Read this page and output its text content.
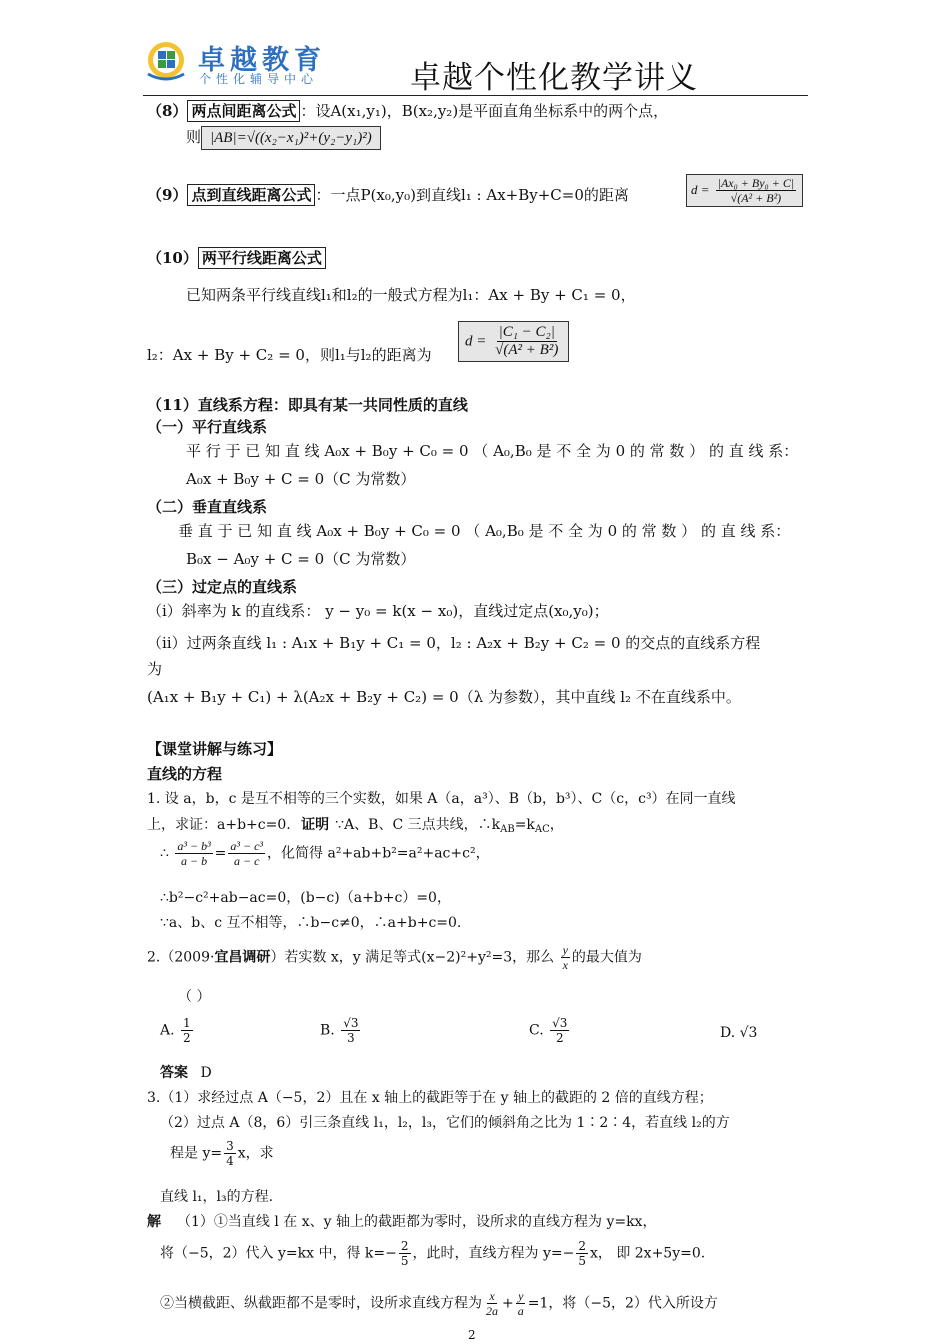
卓越教育
个性化辅导中心	卓越个性化教学讲义
（8） 两点间距离公式 ：设A(x₁,y₁)，B(x₂,y₂)是平面直角坐标系中的两个点，
则 |AB|=√((x₂−x₁)²+(y₂−y₁)²)
（9） 点到直线距离公式 ：一点P(x₀,y₀)到直线l₁ : Ax+By+C=0的距离	$d = \frac{\text{|Ax₀ + By₀ + C|}}{\text{√(A² + B²)}}$
（10） 两平行线距离公式
已知两条平行线直线l₁和l₂的一般式方程为l₁：Ax + By + C₁ = 0，
l₂：Ax + By + C₂ = 0，则l₁与l₂的距离为
$d = \frac{\text{|C₁ − C₂|}}{\text{√(A² + B²)}}$
（11）直线系方程：即具有某一共同性质的直线
（一）平行直线系
平 行 于 已 知 直 线 A₀x + B₀y + C₀ = 0 （ A₀,B₀ 是 不 全 为 0 的 常 数 ） 的 直 线 系：
A₀x + B₀y + C = 0（C 为常数）
（二）垂直直线系
垂 直 于 已 知 直 线 A₀x + B₀y + C₀ = 0 （ A₀,B₀ 是 不 全 为 0 的 常 数 ） 的 直 线 系：
B₀x − A₀y + C = 0（C 为常数）
（三）过定点的直线系
（ⅰ）斜率为 k 的直线系： y − y₀ = k(x − x₀)，直线过定点(x₀,y₀)；
（ⅱ）过两条直线 l₁ : A₁x + B₁y + C₁ = 0，l₂ : A₂x + B₂y + C₂ = 0 的交点的直线系方程
为
(A₁x + B₁y + C₁) + λ(A₂x + B₂y + C₂) = 0（λ 为参数），其中直线 l₂ 不在直线系中。
【课堂讲解与练习】
直线的方程
1. 设 a，b，c 是互不相等的三个实数，如果 A（a，a³）、B（b，b³）、C（c，c³）在同一直线
上，求证：a+b+c=0. 证明 ∵A、B、C 三点共线，$\therefore k_{AB}=k_{AC}$，
∴ $\frac{\text{a³ − b³}}{a - b} = \frac{\text{a³ − c³}}{a - c}$ ，化简得 a²+ab+b²=a²+ac+c²，
∴b²−c²+ab−ac=0，(b−c)（a+b+c）=0，
∵a、b、c 互不相等，∴b−c≠0，∴a+b+c=0.
2.（2009·宜昌调研）若实数 x，y 满足等式(x−2)²+y²=3，那么 $\frac{y}{x}$ 的最大值为
（ ）
A. $\frac{1}{2}$	B. $\frac{√3}{3}$	C. $\frac{√3}{2}$	D. √3
答案 D
3.（1）求经过点 A（−5，2）且在 x 轴上的截距等于在 y 轴上的截距的 2 倍的直线方程；
（2）过点 A（8，6）引三条直线 l₁，l₂，l₃，它们的倾斜角之比为 1∶2∶4，若直线 l₂的方
程是 $y= \frac{3}{4}$ x，求
直线 l₁，l₃的方程.
解 （1）①当直线 l 在 x、y 轴上的截距都为零时，设所求的直线方程为 y=kx，
将（−5，2）代入 y=kx 中，得 $k=- \frac{2}{5}$ ，此时，直线方程为 $y=- \frac{2}{5}$ x， 即 2x+5y=0.
②当横截距、纵截距都不是零时，设所求直线方程为 $\frac{x}{2a} + \frac{y}{a} =1$，将（−5，2）代入所设方
2
